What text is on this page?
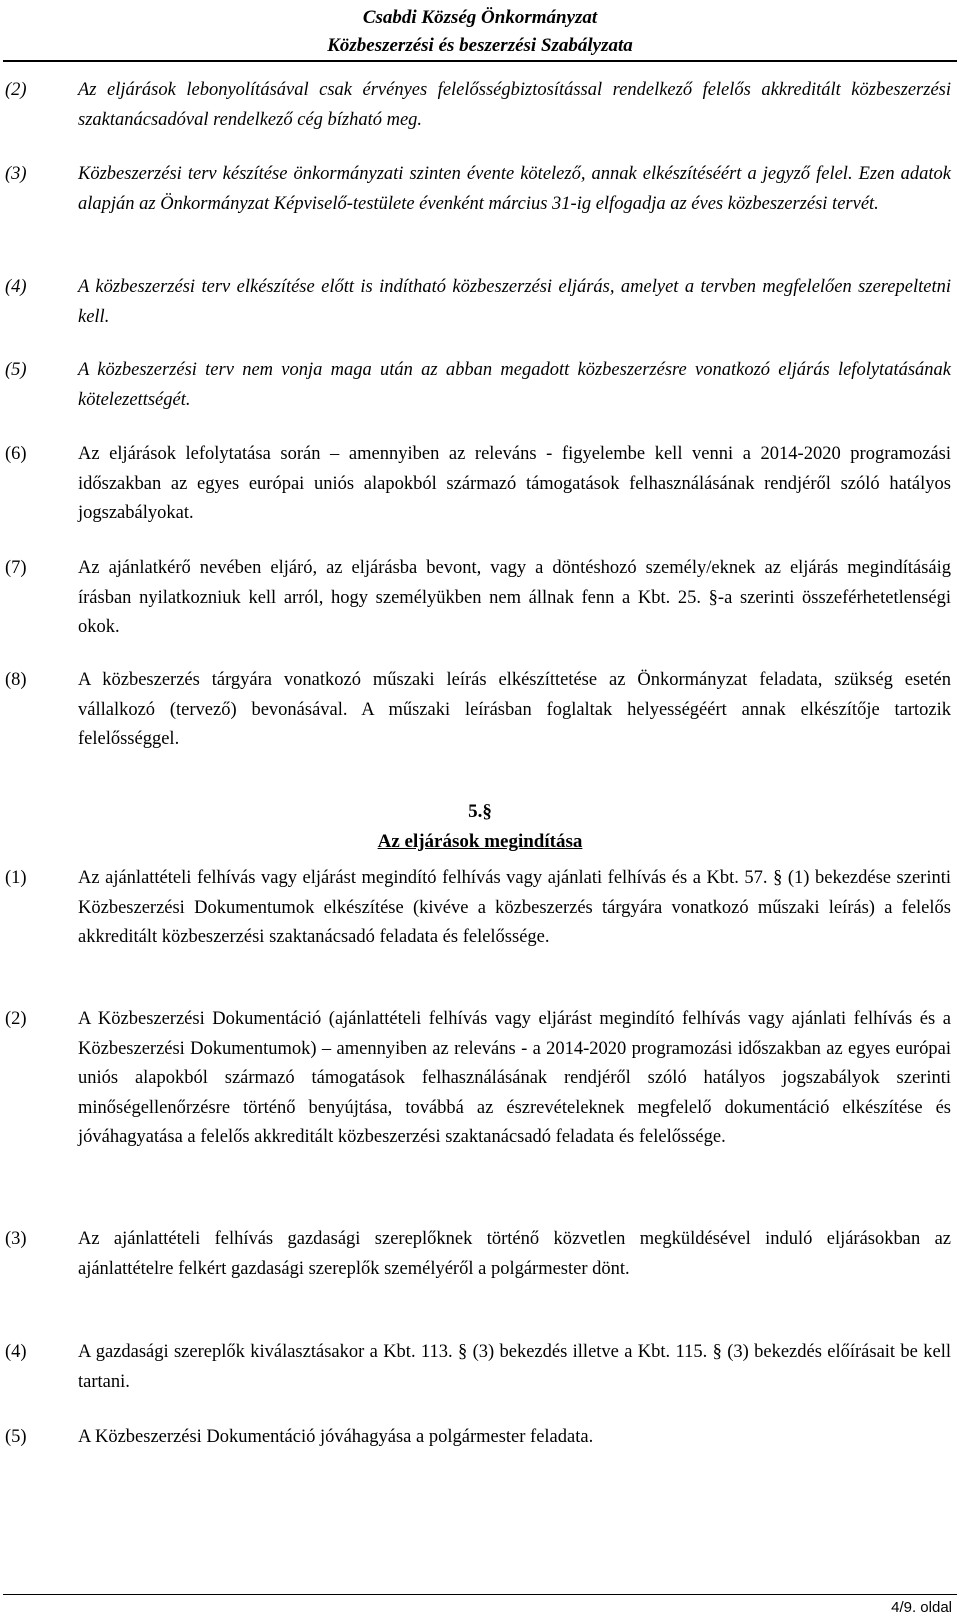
Csabdi Község Önkormányzat
Közbeszerzési és beszerzési Szabályzata
(2)	Az eljárások lebonyolításával csak érvényes felelősségbiztosítással rendelkező felelős akkreditált közbeszerzési szaktanácsadóval rendelkező cég bízható meg.
(3)	Közbeszerzési terv készítése önkormányzati szinten évente kötelező, annak elkészítéséért a jegyző felel. Ezen adatok alapján az Önkormányzat Képviselő-testülete évenként március 31-ig elfogadja az éves közbeszerzési tervét.
(4)	A közbeszerzési terv elkészítése előtt is indítható közbeszerzési eljárás, amelyet a tervben megfelelően szerepeltetni kell.
(5)	A közbeszerzési terv nem vonja maga után az abban megadott közbeszerzésre vonatkozó eljárás lefolytatásának kötelezettségét.
(6)	Az eljárások lefolytatása során – amennyiben az releváns - figyelembe kell venni a 2014-2020 programozási időszakban az egyes európai uniós alapokból származó támogatások felhasználásának rendjéről szóló hatályos jogszabályokat.
(7)	Az ajánlatkérő nevében eljáró, az eljárásba bevont, vagy a döntéshozó személy/eknek az eljárás megindításáig írásban nyilatkozniuk kell arról, hogy személyükben nem állnak fenn a Kbt. 25. §-a szerinti összeférhetetlenségi okok.
(8)	A közbeszerzés tárgyára vonatkozó műszaki leírás elkészíttetése az Önkormányzat feladata, szükség esetén vállalkozó (tervező) bevonásával. A műszaki leírásban foglaltak helyességéért annak elkészítője tartozik felelősséggel.
5.§
Az eljárások megindítása
(1)	Az ajánlattételi felhívás vagy eljárást megindító felhívás vagy ajánlati felhívás és a Kbt. 57. § (1) bekezdése szerinti Közbeszerzési Dokumentumok elkészítése (kivéve a közbeszerzés tárgyára vonatkozó műszaki leírás) a felelős akkreditált közbeszerzési szaktanácsadó feladata és felelőssége.
(2)	A Közbeszerzési Dokumentáció (ajánlattételi felhívás vagy eljárást megindító felhívás vagy ajánlati felhívás és a Közbeszerzési Dokumentumok) – amennyiben az releváns - a 2014-2020 programozási időszakban az egyes európai uniós alapokból származó támogatások felhasználásának rendjéről szóló hatályos jogszabályok szerinti minőségellenőrzésre történő benyújtása, továbbá az észrevételeknek megfelelő dokumentáció elkészítése és jóváhagyatása a felelős akkreditált közbeszerzési szaktanácsadó feladata és felelőssége.
(3)	Az ajánlattételi felhívás gazdasági szereplőknek történő közvetlen megküldésével induló eljárásokban az ajánlattételre felkért gazdasági szereplők személyéről a polgármester dönt.
(4)	A gazdasági szereplők kiválasztásakor a Kbt. 113. § (3) bekezdés illetve a Kbt. 115. § (3) bekezdés előírásait be kell tartani.
(5)	A Közbeszerzési Dokumentáció jóváhagyása a polgármester feladata.
4/9. oldal
